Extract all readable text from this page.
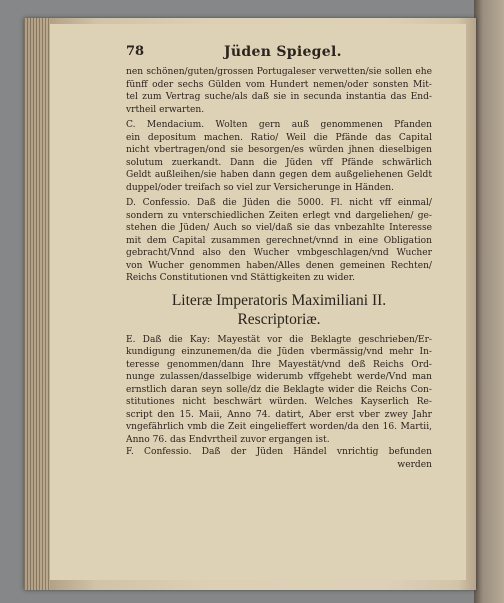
78	Jüden Spiegel.
nen schönen/guten/grossen Portugaleser verwetten/sie sollen ehe
fünff oder sechs Gülden vom Hundert nemen/oder sonsten Mit-
tel zum Vertrag suche/als daß sie in secunda instantia das End-
vrtheil erwarten.
C. Mendacium. Wolten gern auß genommenen Pfanden
ein depositum machen. Ratio/ Weil die Pfände das Capital
nicht vbertragen/ond sie besorgen/es würden jhnen dieselbigen
solutum zuerkandt. Dann die Jüden vff Pfände schwärlich
Geldt außleihen/sie haben dann gegen dem außgeliehenen Geldt
duppel/oder treifach so viel zur Versicherunge in Händen.
D. Confessio. Daß die Jüden die 5000. Fl. nicht vff einmal/
sondern zu vnterschiedlichen Zeiten erlegt vnd dargeliehen/ ge-
stehen die Jüden/ Auch so viel/daß sie das vnbezahlte Interesse
mit dem Capital zusammen gerechnet/vnnd in eine Obligation
gebracht/Vnnd also den Wucher vmbgeschlagen/vnd Wucher
von Wucher genommen haben/Alles denen gemeinen Rechten/
Reichs Constitutionen vnd Stättigkeiten zu wider.
Literæ Imperatoris Maximiliani II.
Rescriptoriæ.
E. Daß die Kay: Mayestät vor die Beklagte geschrieben/Er-
kundigung einzunemen/da die Jüden vbermässig/vnd mehr In-
teresse genommen/dann Ihre Mayestät/vnd deß Reichs Ord-
nunge zulassen/dasselbige widerumb vffgehebt werde/Vnd man
ernstlich daran seyn solle/dz die Beklagte wider die Reichs Con-
stitutiones nicht beschwärt würden. Welches Kayserlich Re-
script den 15. Maii, Anno 74. datirt, Aber erst vber zwey Jahr
vngefährlich vmb die Zeit eingelieffert worden/da den 16. Martii,
Anno 76. das Endvrtheil zuvor ergangen ist.
F. Confessio. Daß der Jüden Händel vnrichtig befunden
werden
